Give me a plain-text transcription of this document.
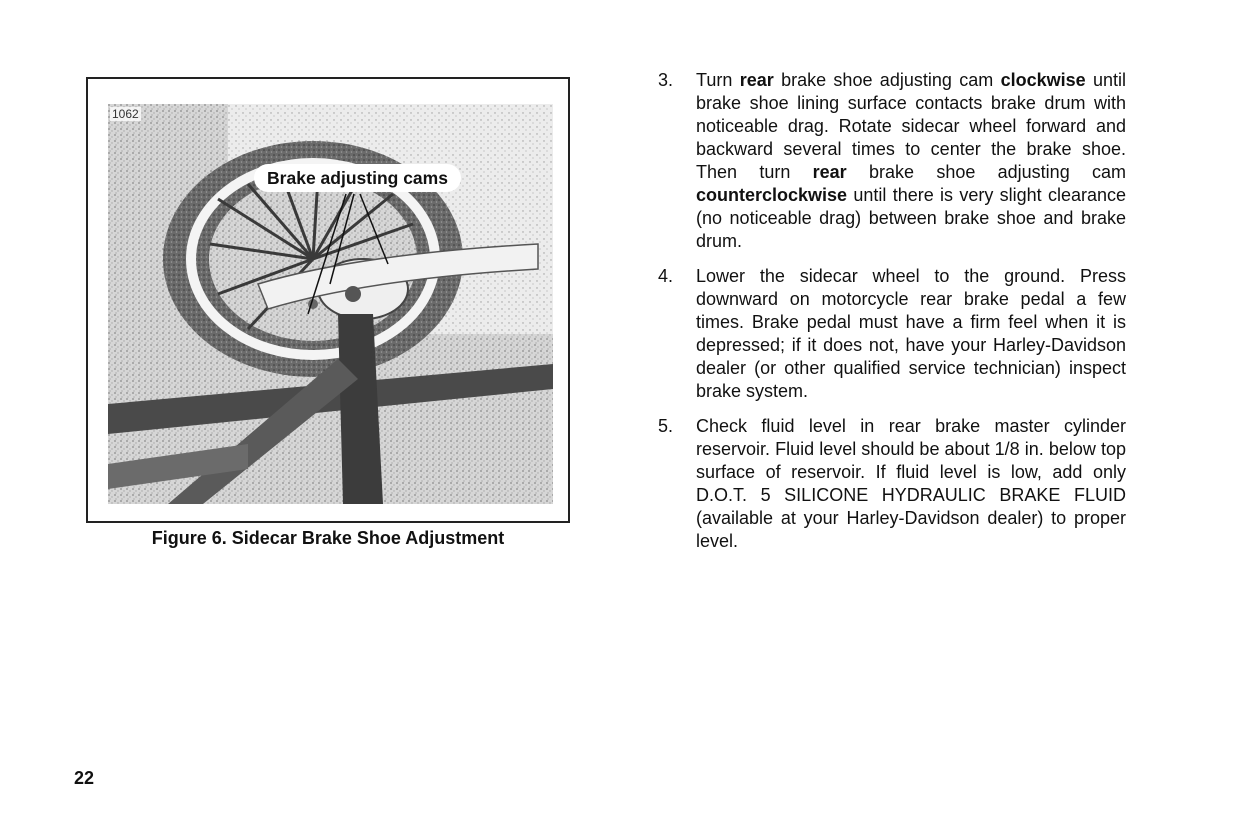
1062
Brake adjusting cams
Figure 6. Sidecar Brake Shoe Adjustment
3. Turn rear brake shoe adjusting cam clockwise until brake shoe lining surface contacts brake drum with noticeable drag. Rotate sidecar wheel forward and backward several times to center the brake shoe. Then turn rear brake shoe adjusting cam counterclockwise until there is very slight clearance (no noticeable drag) between brake shoe and brake drum.
4. Lower the sidecar wheel to the ground. Press downward on motorcycle rear brake pedal a few times. Brake pedal must have a firm feel when it is depressed; if it does not, have your Harley-Davidson dealer (or other qualified service technician) inspect brake system.
5. Check fluid level in rear brake master cylinder reservoir. Fluid level should be about 1/8 in. below top surface of reservoir. If fluid level is low, add only D.O.T. 5 SILICONE HYDRAULIC BRAKE FLUID (available at your Harley-Davidson dealer) to proper level.
22
